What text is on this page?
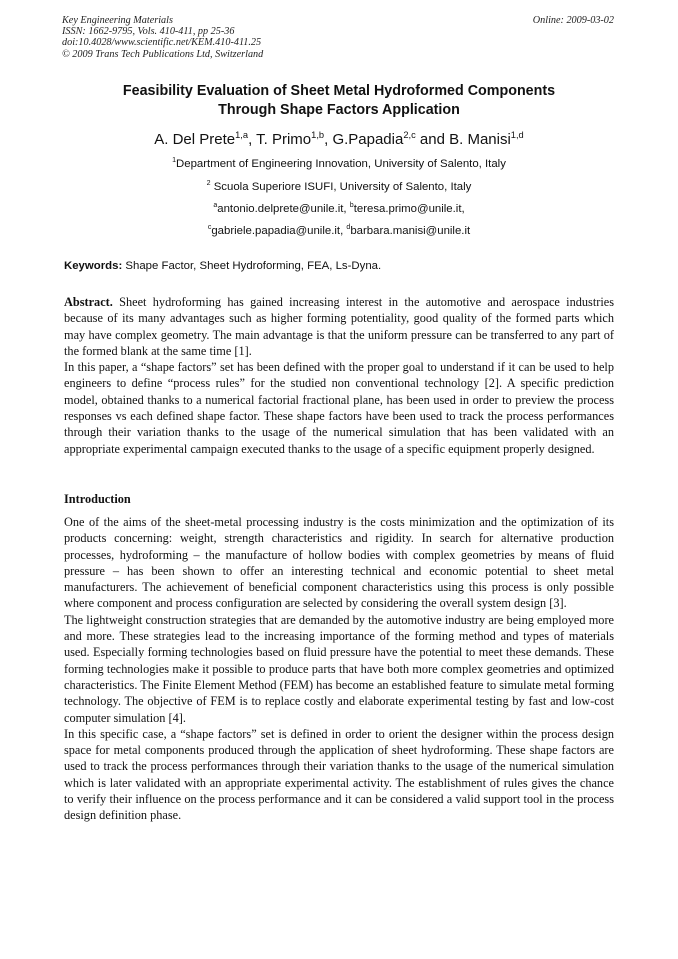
Key Engineering Materials
ISSN: 1662-9795, Vols. 410-411, pp 25-36
doi:10.4028/www.scientific.net/KEM.410-411.25
© 2009 Trans Tech Publications Ltd, Switzerland
Online: 2009-03-02
Feasibility Evaluation of Sheet Metal Hydroformed Components
Through Shape Factors Application
A. Del Prete$^{1,a}$, T. Primo$^{1,b}$, G.Papadia$^{2,c}$ and B. Manisi$^{1,d}$
$^1$Department of Engineering Innovation, University of Salento, Italy
$^2$ Scuola Superiore ISUFI, University of Salento, Italy
$^a$antonio.delprete@unile.it, $^b$teresa.primo@unile.it,
$^c$gabriele.papadia@unile.it, $^d$barbara.manisi@unile.it
Keywords: Shape Factor, Sheet Hydroforming, FEA, Ls-Dyna.

Abstract. Sheet hydroforming has gained increasing interest in the automotive and aerospace industries because of its many advantages such as higher forming potentiality, good quality of the formed parts which may have complex geometry. The main advantage is that the uniform pressure can be transferred to any part of the formed blank at the same time [1].

In this paper, a “shape factors” set has been defined with the proper goal to understand if it can be used to help engineers to define “process rules” for the studied non conventional technology [2]. A specific prediction model, obtained thanks to a numerical factorial fractional plane, has been used in order to preview the process responses vs each defined shape factor. These shape factors have been used to track the process performances through their variation thanks to the usage of the numerical simulation that has been validated with an appropriate experimental campaign executed thanks to the usage of a specific equipment properly designed.

Introduction

One of the aims of the sheet-metal processing industry is the costs minimization and the optimization of its products concerning: weight, strength characteristics and rigidity. In search for alternative production processes, hydroforming – the manufacture of hollow bodies with complex geometries by means of fluid pressure – has been shown to offer an interesting technical and economic potential to sheet metal manufacturers. The achievement of beneficial component characteristics using this process is only possible where component and process configuration are selected by considering the overall system design [3].

The lightweight construction strategies that are demanded by the automotive industry are being employed more and more. These strategies lead to the increasing importance of the forming method and types of materials used. Especially forming technologies based on fluid pressure have the potential to meet these demands. These forming technologies make it possible to produce parts that have both more complex geometries and optimized characteristics. The Finite Element Method (FEM) has become an established feature to simulate metal forming technology. The objective of FEM is to replace costly and elaborate experimental testing by fast and low-cost computer simulation [4].

In this specific case, a “shape factors” set is defined in order to orient the designer within the process design space for metal components produced through the application of sheet hydroforming. These shape factors are used to track the process performances through their variation thanks to the usage of the numerical simulation which is later validated with an appropriate experimental activity. The establishment of rules gives the chance to verify their influence on the process performance and it can be considered a valid support tool in the process design definition phase.
